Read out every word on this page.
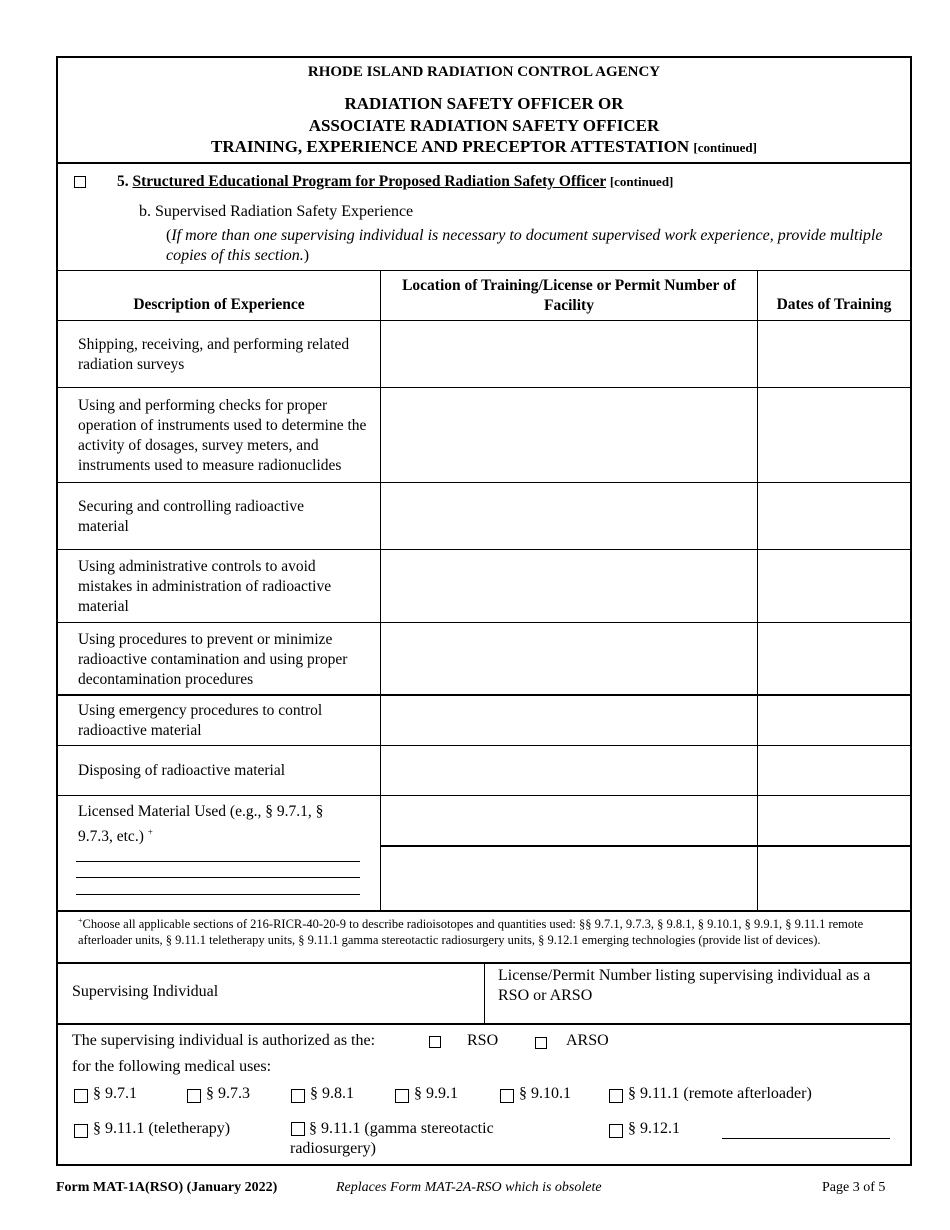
RHODE ISLAND RADIATION CONTROL AGENCY
RADIATION SAFETY OFFICER OR
ASSOCIATE RADIATION SAFETY OFFICER
TRAINING, EXPERIENCE AND PRECEPTOR ATTESTATION [continued]
5. Structured Educational Program for Proposed Radiation Safety Officer [continued]
b. Supervised Radiation Safety Experience
(If more than one supervising individual is necessary to document supervised work experience, provide multiple copies of this section.)
Description of Experience
Location of Training/License or Permit Number of Facility	Dates of Training
Shipping, receiving, and performing related radiation surveys
Using and performing checks for proper operation of instruments used to determine the activity of dosages, survey meters, and instruments used to measure radionuclides
Securing and controlling radioactive material
Using administrative controls to avoid mistakes in administration of radioactive material
Using procedures to prevent or minimize radioactive contamination and using proper decontamination procedures
Using emergency procedures to control radioactive material
Disposing of radioactive material
Licensed Material Used (e.g., § 9.7.1, § 9.7.3, etc.) +
+Choose all applicable sections of 216-RICR-40-20-9 to describe radioisotopes and quantities used: §§ 9.7.1, 9.7.3, § 9.8.1, § 9.10.1, § 9.9.1, § 9.11.1 remote afterloader units, § 9.11.1 teletherapy units, § 9.11.1 gamma stereotactic radiosurgery units, § 9.12.1 emerging technologies (provide list of devices).
Supervising Individual
License/Permit Number listing supervising individual as a RSO or ARSO
The supervising individual is authorized as the:	RSO	ARSO
for the following medical uses:
§ 9.7.1	§ 9.7.3	§ 9.8.1	§ 9.9.1	§ 9.10.1	§ 9.11.1 (remote afterloader)
§ 9.11.1 (teletherapy)	§ 9.11.1 (gamma stereotactic radiosurgery)
§ 9.12.1
Form MAT-1A(RSO) (January 2022)	Replaces Form MAT-2A-RSO which is obsolete	Page 3 of 5
